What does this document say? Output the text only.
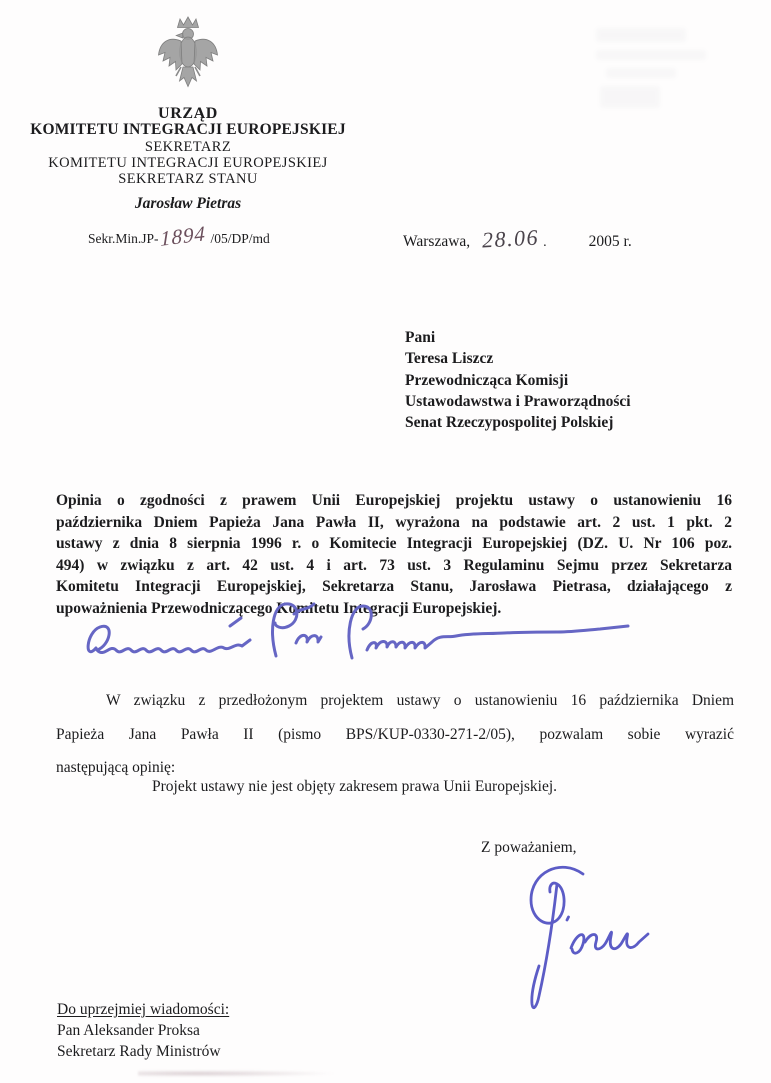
URZĄD
KOMITETU INTEGRACJI EUROPEJSKIEJ
SEKRETARZ
KOMITETU INTEGRACJI EUROPEJSKIEJ
SEKRETARZ STANU
Jarosław Pietras
Sekr.Min.JP- 1894 /05/DP/md	Warszawa, 28.06 .	2005 r.
Pani
Teresa Liszcz
Przewodnicząca Komisji
Ustawodawstwa i Praworządności
Senat Rzeczypospolitej Polskiej
Opinia o zgodności z prawem Unii Europejskiej projektu ustawy o ustanowieniu 16
października Dniem Papieża Jana Pawła II, wyrażona na podstawie art. 2 ust. 1 pkt. 2
ustawy z dnia 8 sierpnia 1996 r. o Komitecie Integracji Europejskiej (DZ. U. Nr 106 poz.
494) w związku z art. 42 ust. 4 i art. 73 ust. 3 Regulaminu Sejmu przez Sekretarza
Komitetu Integracji Europejskiej, Sekretarza Stanu, Jarosława Pietrasa, działającego z
upoważnienia Przewodniczącego Komitetu Integracji Europejskiej.
W związku z przedłożonym projektem ustawy o ustanowieniu 16 października Dniem
Papieża Jana Pawła II (pismo BPS/KUP-0330-271-2/05), pozwalam sobie wyrazić
następującą opinię:
Projekt ustawy nie jest objęty zakresem prawa Unii Europejskiej.
Z poważaniem,
Do uprzejmiej wiadomości:
Pan Aleksander Proksa
Sekretarz Rady Ministrów
